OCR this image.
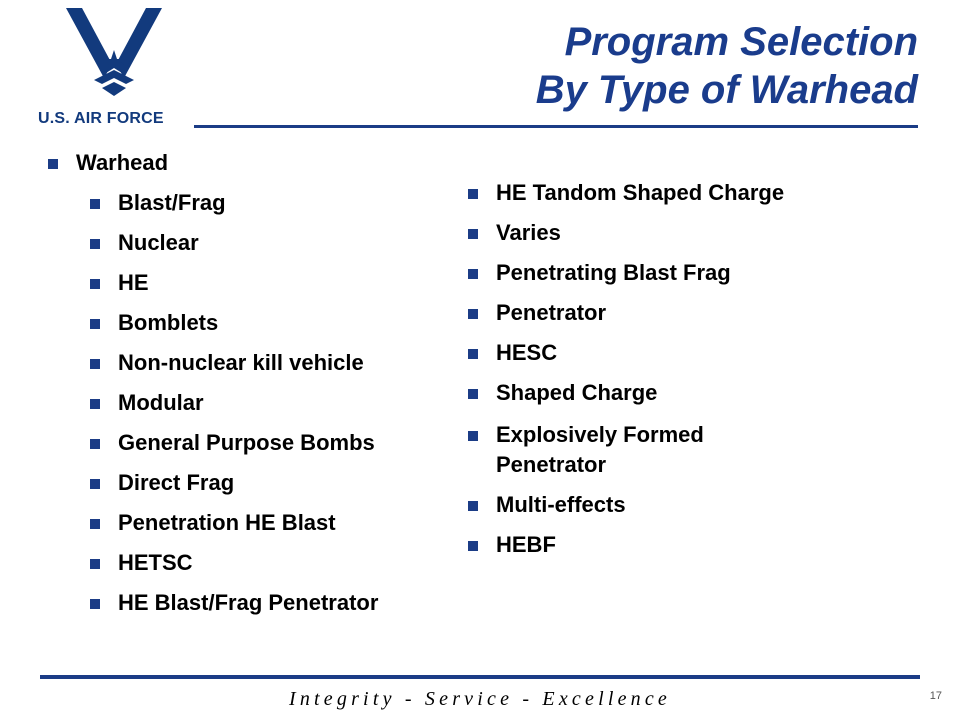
U.S. AIR FORCE
Program Selection
By Type of Warhead
Warhead
Blast/Frag
Nuclear
HE
Bomblets
Non-nuclear kill vehicle
Modular
General Purpose Bombs
Direct Frag
Penetration HE Blast
HETSC
HE Blast/Frag Penetrator
HE Tandom Shaped Charge
Varies
Penetrating Blast Frag
Penetrator
HESC
Shaped Charge
Explosively Formed Penetrator
Multi-effects
HEBF
Integrity - Service - Excellence	17
